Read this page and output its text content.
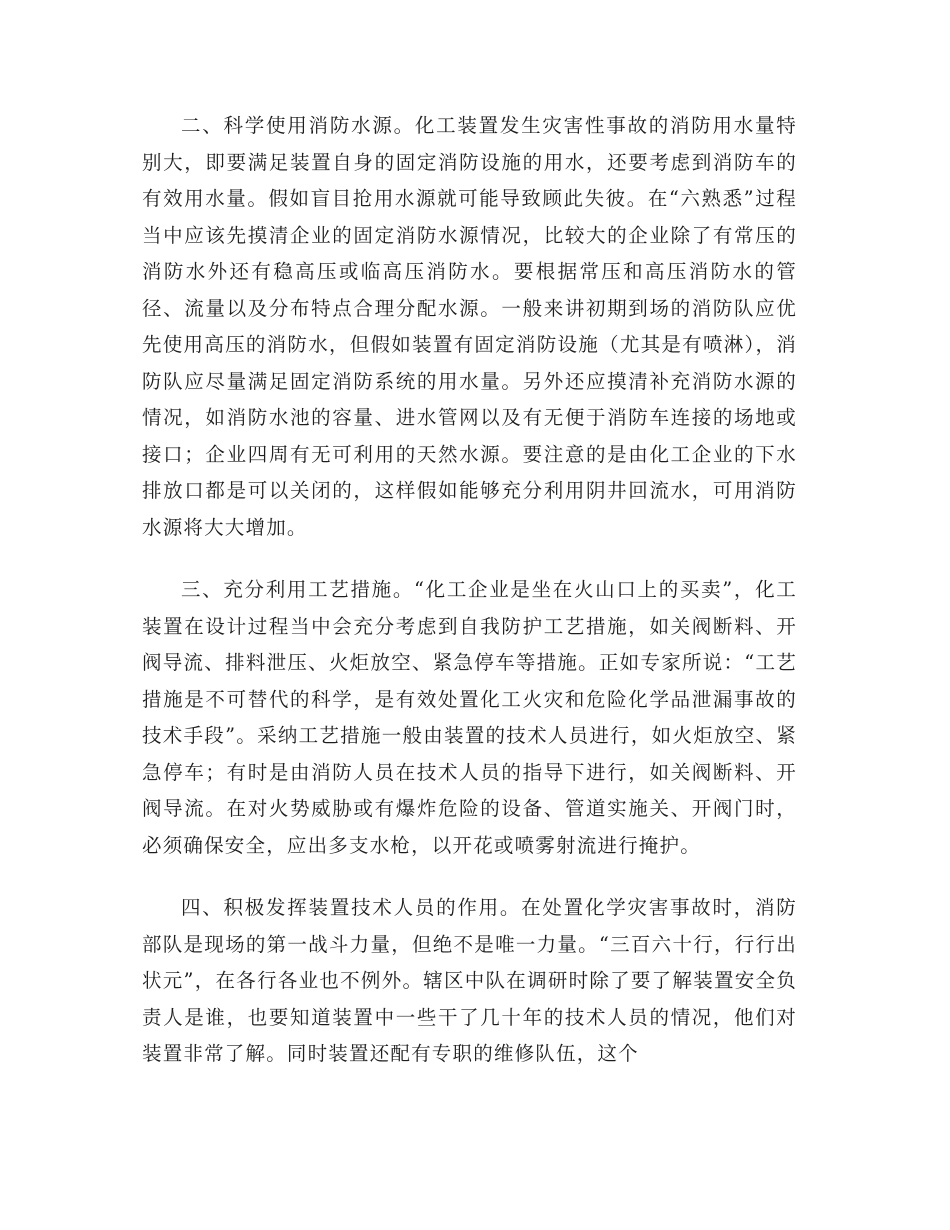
二、科学使用消防水源。化工装置发生灾害性事故的消防用水量特别大，即要满足装置自身的固定消防设施的用水，还要考虑到消防车的有效用水量。假如盲目抢用水源就可能导致顾此失彼。在“六熟悉”过程当中应该先摸清企业的固定消防水源情况，比较大的企业除了有常压的消防水外还有稳高压或临高压消防水。要根据常压和高压消防水的管径、流量以及分布特点合理分配水源。一般来讲初期到场的消防队应优先使用高压的消防水，但假如装置有固定消防设施（尤其是有喷淋），消防队应尽量满足固定消防系统的用水量。另外还应摸清补充消防水源的情况，如消防水池的容量、进水管网以及有无便于消防车连接的场地或接口；企业四周有无可利用的天然水源。要注意的是由化工企业的下水排放口都是可以关闭的，这样假如能够充分利用阴井回流水，可用消防水源将大大增加。

三、充分利用工艺措施。“化工企业是坐在火山口上的买卖”，化工装置在设计过程当中会充分考虑到自我防护工艺措施，如关阀断料、开阀导流、排料泄压、火炬放空、紧急停车等措施。正如专家所说：“工艺措施是不可替代的科学，是有效处置化工火灾和危险化学品泄漏事故的技术手段”。采纳工艺措施一般由装置的技术人员进行，如火炬放空、紧急停车；有时是由消防人员在技术人员的指导下进行，如关阀断料、开阀导流。在对火势威胁或有爆炸危险的设备、管道实施关、开阀门时，必须确保安全，应出多支水枪，以开花或喷雾射流进行掩护。

四、积极发挥装置技术人员的作用。在处置化学灾害事故时，消防部队是现场的第一战斗力量，但绝不是唯一力量。“三百六十行，行行出状元”，在各行各业也不例外。辖区中队在调研时除了要了解装置安全负责人是谁，也要知道装置中一些干了几十年的技术人员的情况，他们对装置非常了解。同时装置还配有专职的维修队伍，这个
